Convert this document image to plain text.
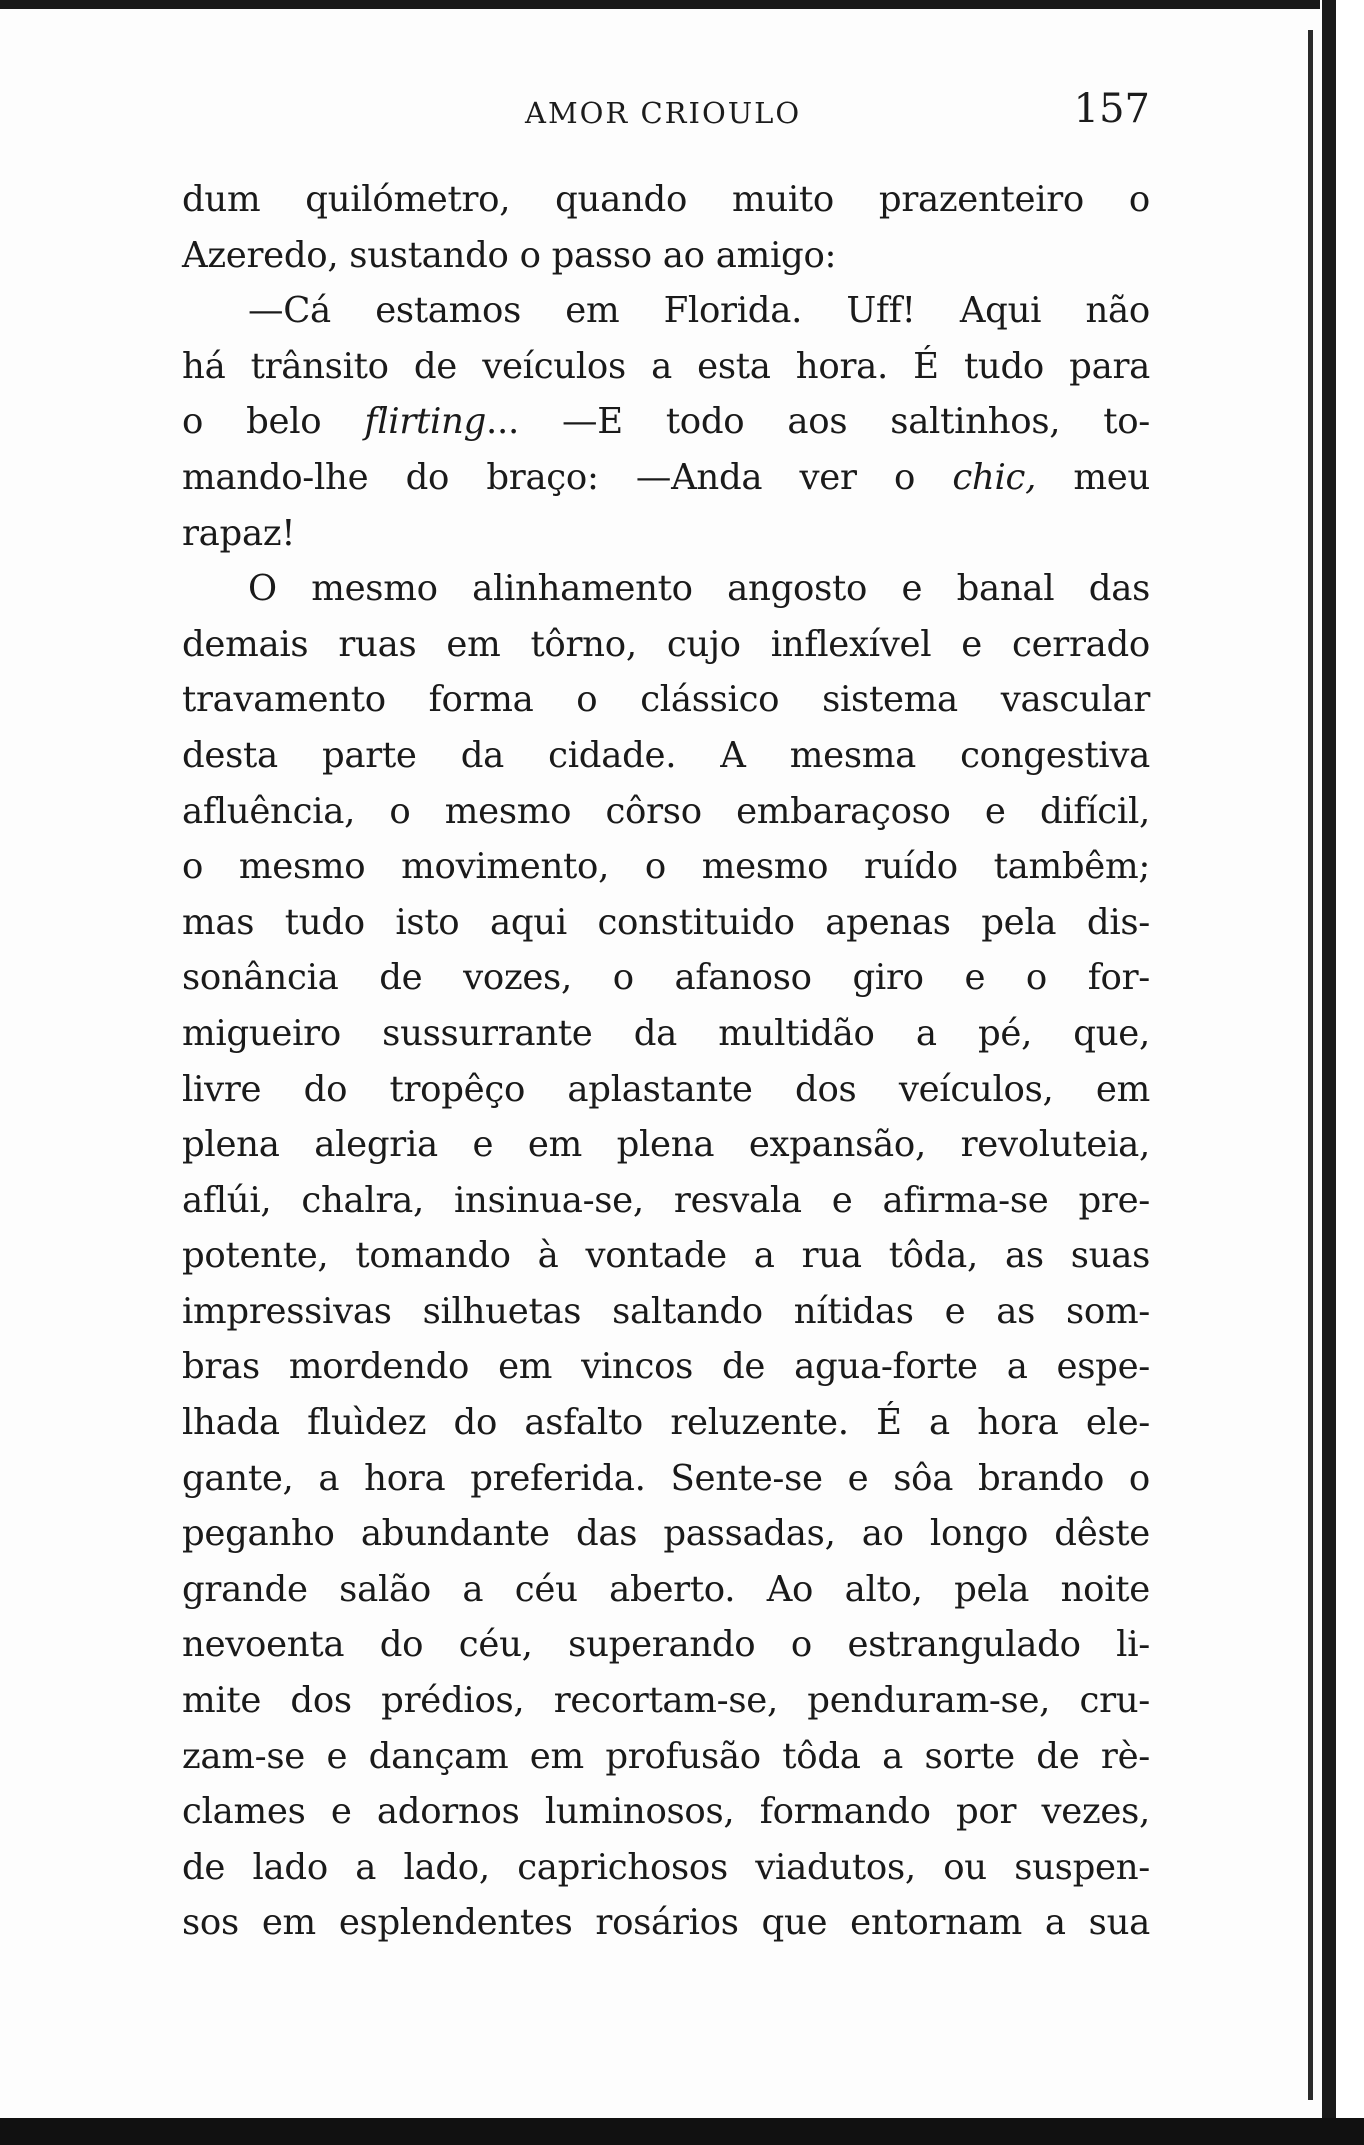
AMOR CRIOULO	157
dum quilómetro, quando muito prazenteiro o
Azeredo, sustando o passo ao amigo:
—Cá estamos em Florida. Uff! Aqui não
há trânsito de veículos a esta hora. É tudo para
o belo flirting... —E todo aos saltinhos, to-
mando-lhe do braço: —Anda ver o chic, meu
rapaz!
O mesmo alinhamento angosto e banal das
demais ruas em tôrno, cujo inflexível e cerrado
travamento forma o clássico sistema vascular
desta parte da cidade. A mesma congestiva
afluência, o mesmo côrso embaraçoso e difícil,
o mesmo movimento, o mesmo ruído tambêm;
mas tudo isto aqui constituido apenas pela dis-
sonância de vozes, o afanoso giro e o for-
migueiro sussurrante da multidão a pé, que,
livre do tropêço aplastante dos veículos, em
plena alegria e em plena expansão, revoluteia,
aflúi, chalra, insinua-se, resvala e afirma-se pre-
potente, tomando à vontade a rua tôda, as suas
impressivas silhuetas saltando nítidas e as som-
bras mordendo em vincos de agua-forte a espe-
lhada fluìdez do asfalto reluzente. É a hora ele-
gante, a hora preferida. Sente-se e sôa brando o
peganho abundante das passadas, ao longo dêste
grande salão a céu aberto. Ao alto, pela noite
nevoenta do céu, superando o estrangulado li-
mite dos prédios, recortam-se, penduram-se, cru-
zam-se e dançam em profusão tôda a sorte de rè-
clames e adornos luminosos, formando por vezes,
de lado a lado, caprichosos viadutos, ou suspen-
sos em esplendentes rosários que entornam a sua
